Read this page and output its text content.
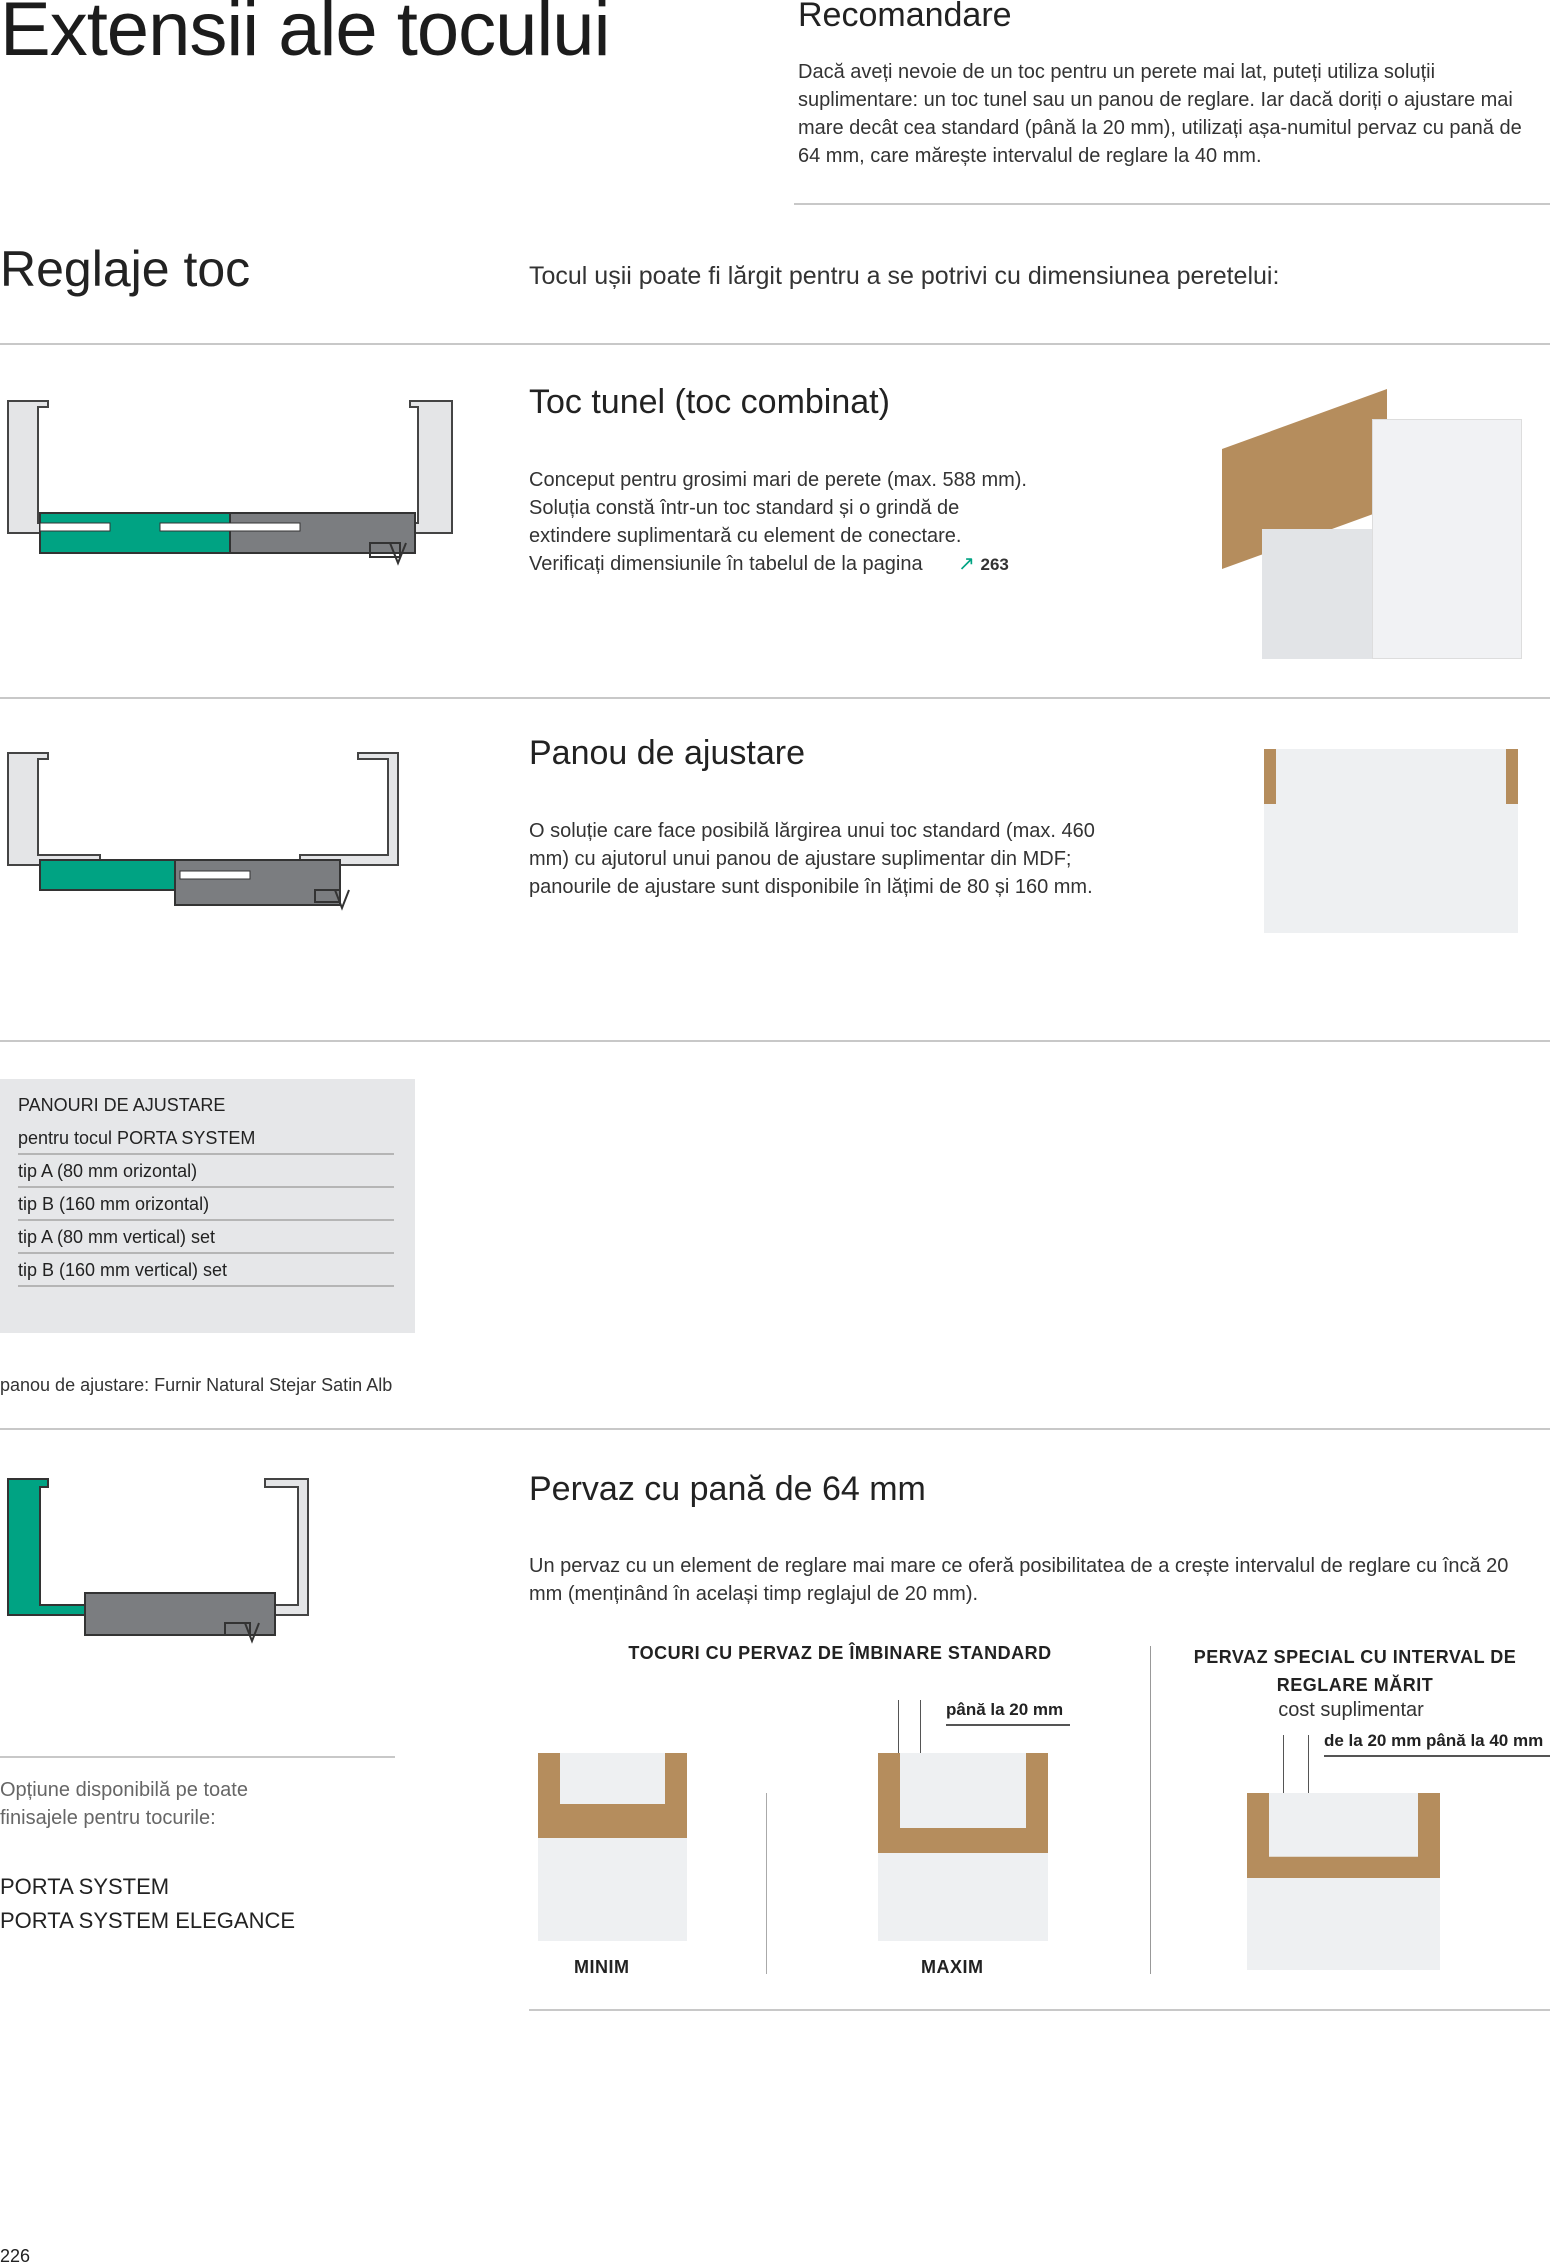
Extensii ale tocului	Recomandare
Dacă aveți nevoie de un toc pentru un perete mai lat, puteți utiliza soluții suplimentare: un toc tunel sau un panou de reglare. Iar dacă doriți o ajustare mai mare decât cea standard (până la 20 mm), utilizați așa-numitul pervaz cu pană de 64 mm, care mărește intervalul de reglare la 40 mm.
Reglaje toc	Tocul ușii poate fi lărgit pentru a se potrivi cu dimensiunea peretelui:
Toc tunel (toc combinat)
Conceput pentru grosimi mari de perete (max. 588 mm). Soluția constă într-un toc standard și o grindă de extindere suplimentară cu element de conectare. Verificați dimensiunile în tabelul de la pagina ↗ 263
Panou de ajustare
O soluție care face posibilă lărgirea unui toc standard (max. 460 mm) cu ajutorul unui panou de ajustare suplimentar din MDF; panourile de ajustare sunt disponibile în lățimi de 80 și 160 mm.
PANOURI DE AJUSTARE
pentru tocul PORTA SYSTEM
tip A (80 mm orizontal)
tip B (160 mm orizontal)
tip A (80 mm vertical) set
tip B (160 mm vertical) set
panou de ajustare: Furnir Natural Stejar Satin Alb
Pervaz cu pană de 64 mm
Un pervaz cu un element de reglare mai mare ce oferă posibilitatea de a crește intervalul de reglare cu încă 20 mm (menținând în același timp reglajul de 20 mm).
TOCURI CU PERVAZ DE ÎMBINARE STANDARD	PERVAZ SPECIAL CU INTERVAL DE REGLARE MĂRIT
cost suplimentar
până la 20 mm
de la 20 mm până la 40 mm
Opțiune disponibilă pe toate finisajele pentru tocurile:
PORTA SYSTEM
PORTA SYSTEM ELEGANCE
MINIM	MAXIM
226
